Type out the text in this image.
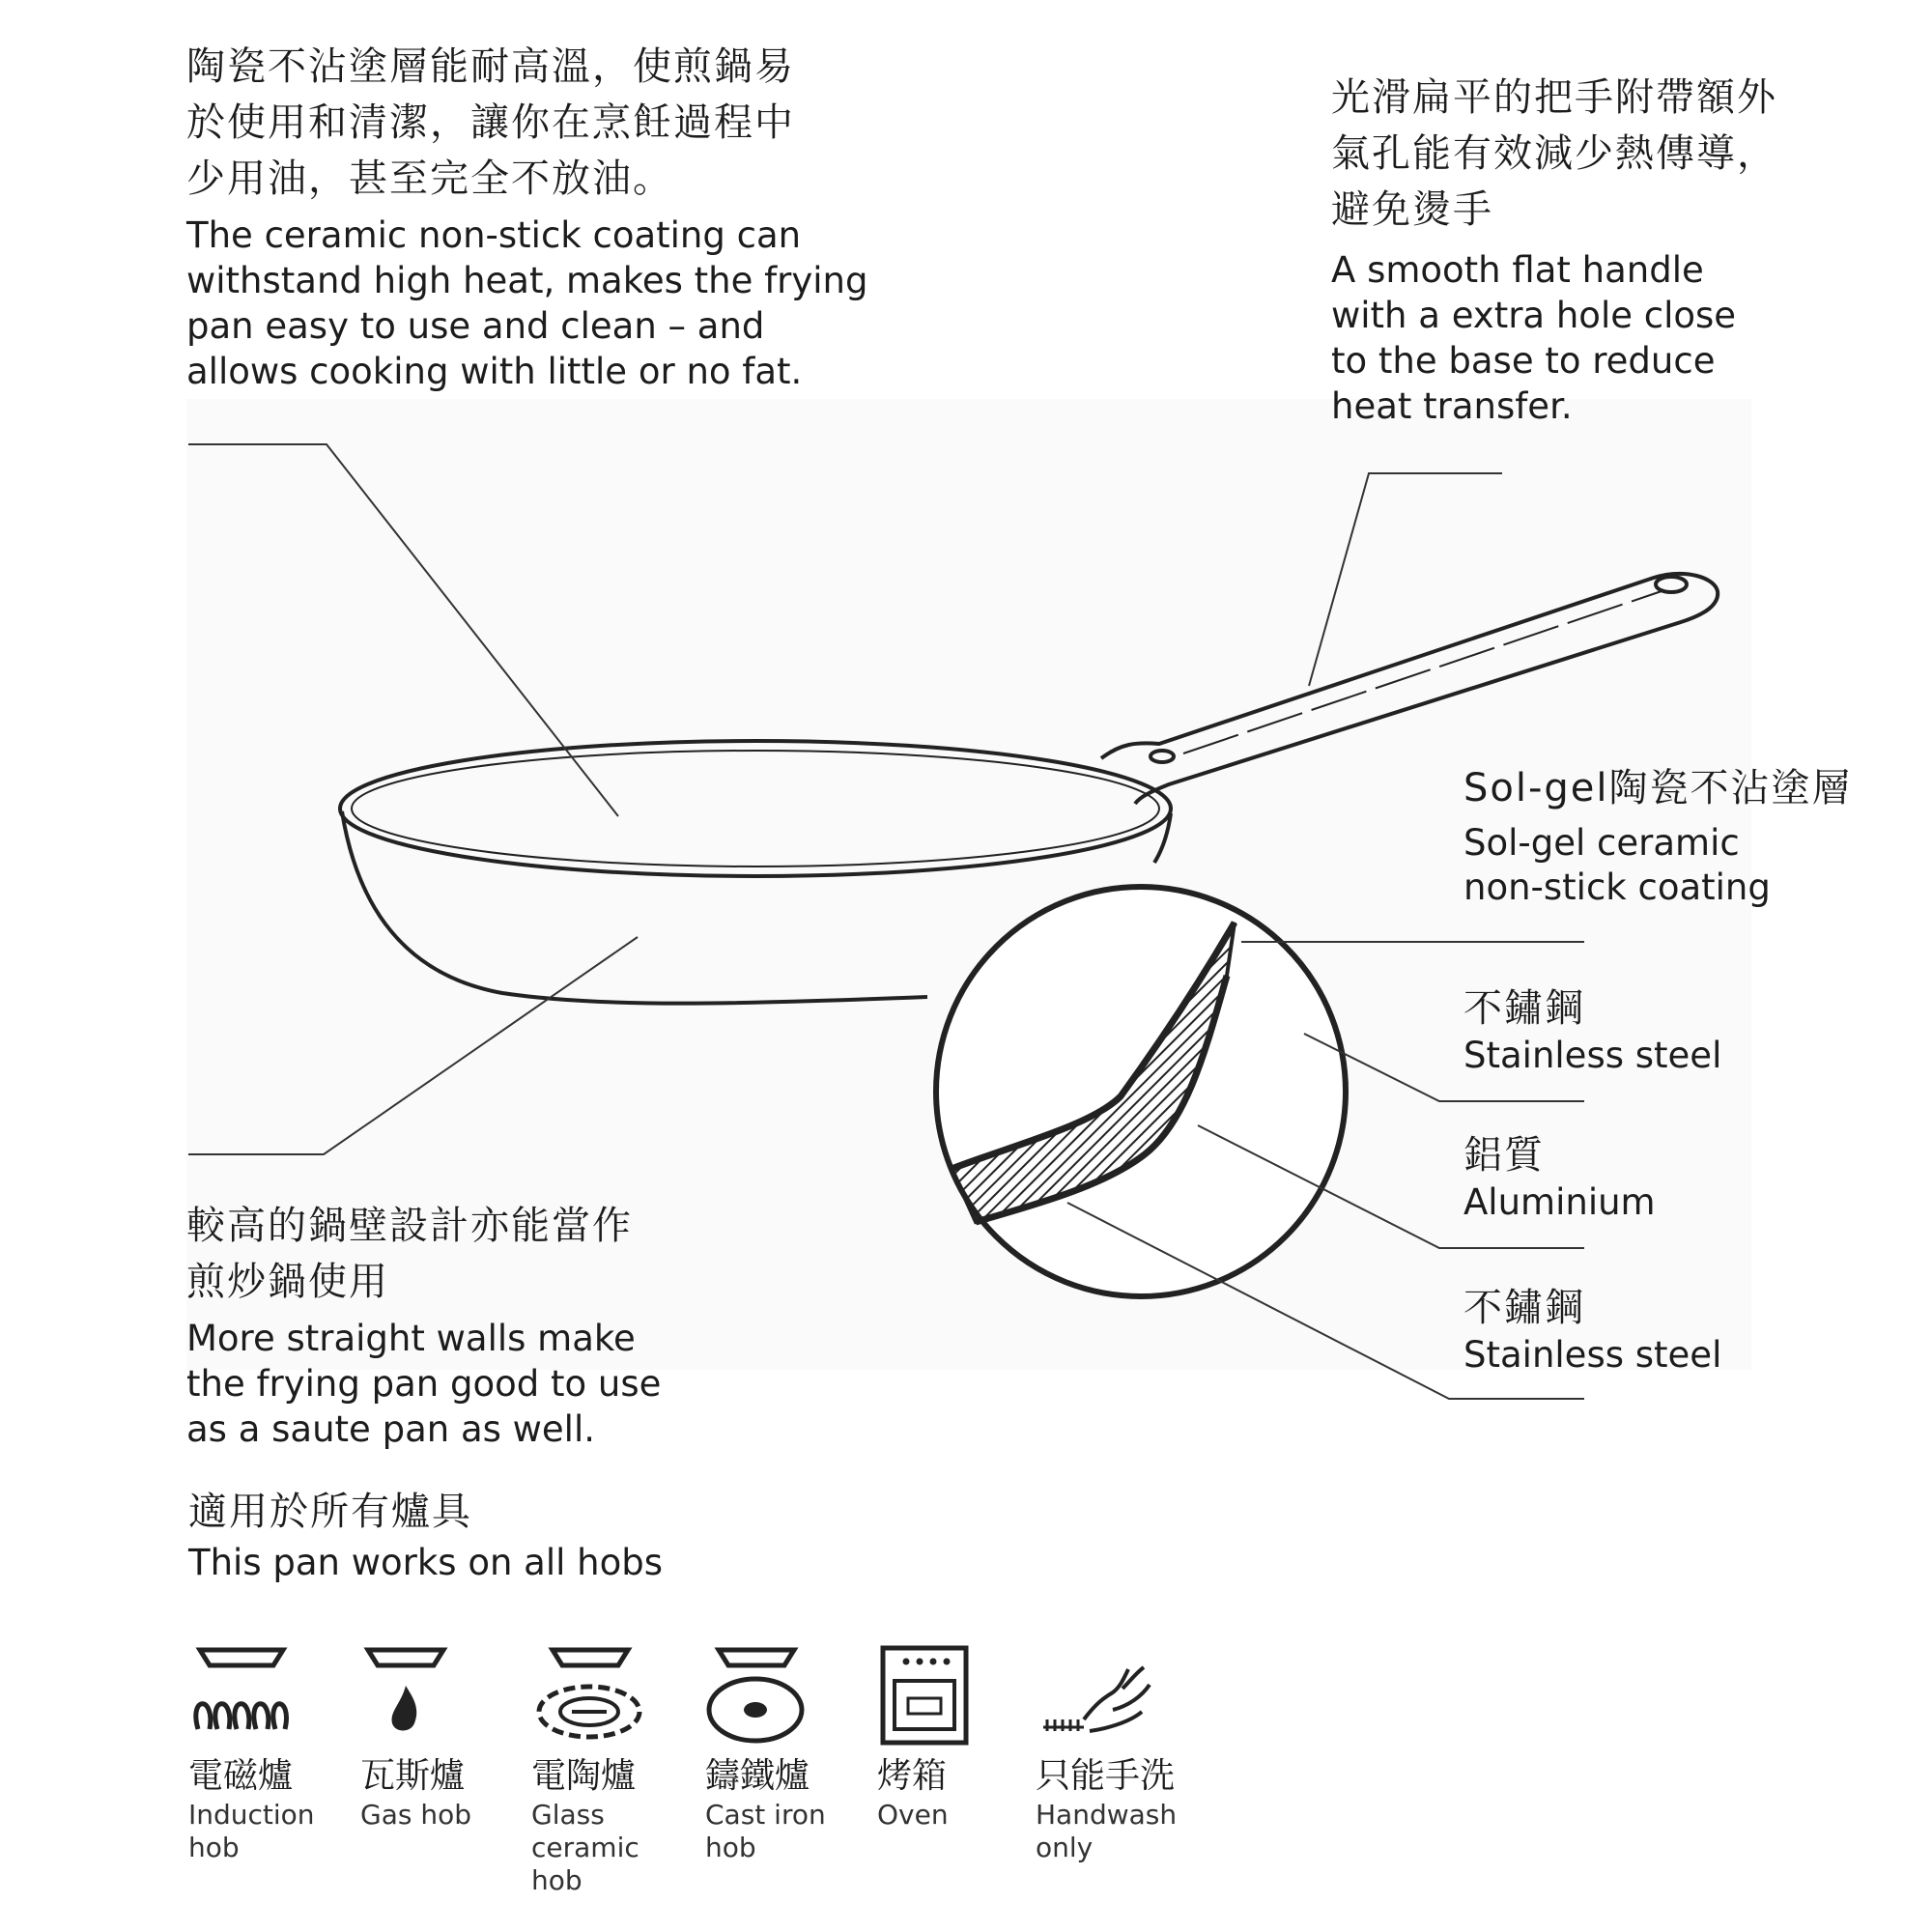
陶瓷不沾塗層能耐高溫，使煎鍋易
於使用和清潔，讓你在烹飪過程中
少用油，甚至完全不放油。
The ceramic non-stick coating can
withstand high heat, makes the frying
pan easy to use and clean – and
allows cooking with little or no fat.
光滑扁平的把手附帶額外
氣孔能有效減少熱傳導，
避免燙手
A smooth flat handle
with a extra hole close
to the base to reduce
heat transfer.
較高的鍋壁設計亦能當作
煎炒鍋使用
More straight walls make
the frying pan good to use
as a saute pan as well.
Sol-gel陶瓷不沾塗層
Sol-gel ceramic
non-stick coating
不鏽鋼
Stainless steel
鋁質
Aluminium
不鏽鋼
Stainless steel
適用於所有爐具
This pan works on all hobs
電磁爐
Induction
hob
瓦斯爐
Gas hob
電陶爐
Glass
ceramic
hob
鑄鐵爐
Cast iron
hob
烤箱
Oven
只能手洗
Handwash
only
